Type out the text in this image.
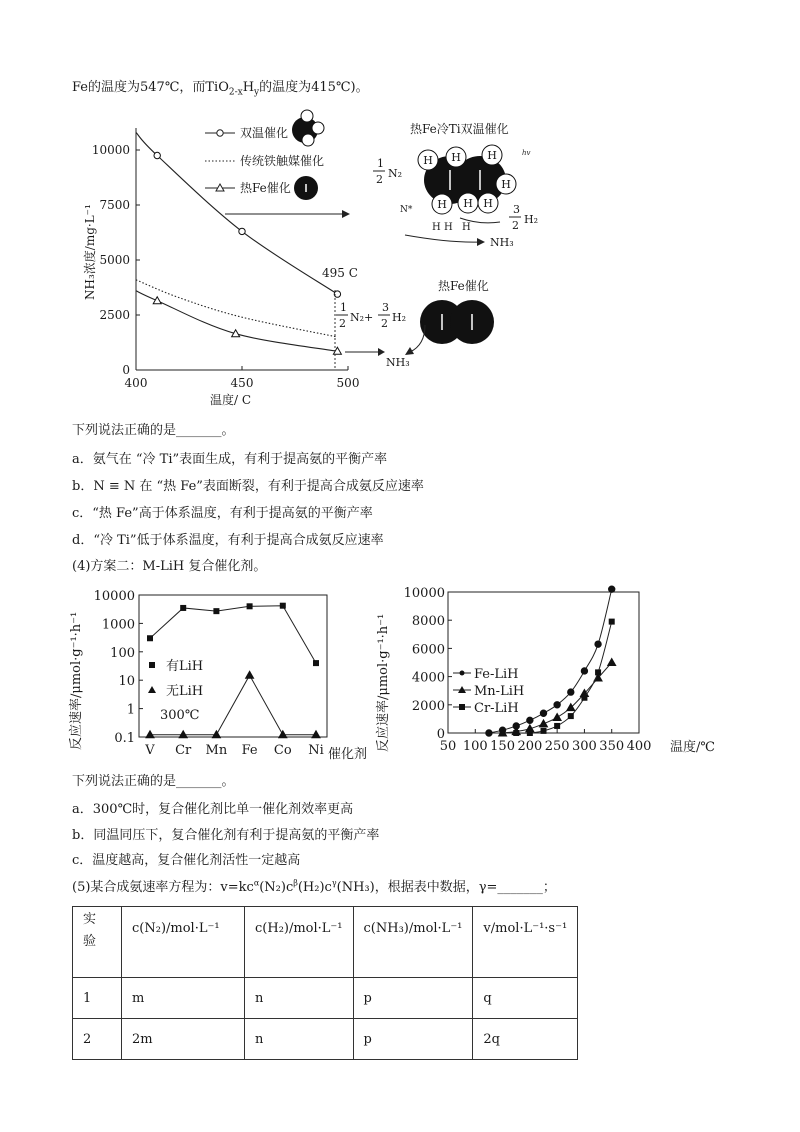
Fe的温度为547℃，而$TiO_{2-x}H_y$的温度为415℃)。
0
2500
5000
7500
10000
400	450	500
NH₃浓度/mg·L⁻¹
温度/ C
495 C
双温催化
传统铁触媒催化
热Fe催化
热Fe冷Ti双温催化
hv
1
2 N₂
H H H
H
H H H
H H H
N*	3
2 H₂
NH₃
热Fe催化
1
2 N₂+
3
2 H₂
NH₃
下列说法正确的是_______。
a．氨气在 “冷 Ti”表面生成，有利于提高氨的平衡产率
b．N ≡ N 在 “热 Fe”表面断裂，有利于提高合成氨反应速率
c．“热 Fe”高于体系温度，有利于提高氨的平衡产率
d．“冷 Ti”低于体系温度，有利于提高合成氨反应速率
(4)方案二：M-LiH 复合催化剂。
10000
1000
100
10
1
0.1
V Cr Mn Fe Co Ni
反应速率/μmol·g⁻¹·h⁻¹
催化剂
有LiH
无LiH
300℃
0
2000
4000
6000
8000
10000
50 100 150 200 250 300 350 400
反应速率/μmol·g⁻¹·h⁻¹	温度/℃
Fe-LiH
Mn-LiH
Cr-LiH
下列说法正确的是_______。
a．300℃时，复合催化剂比单一催化剂效率更高
b．同温同压下，复合催化剂有利于提高氨的平衡产率
c．温度越高，复合催化剂活性一定越高
(5)某合成氨速率方程为：$v=kc^\alpha(N_2)c^\beta(H_2)c^\gamma(NH_3)$，根据表中数据，γ=_______；
实
验	c(N₂)/mol·L⁻¹	c(H₂)/mol·L⁻¹	c(NH₃)/mol·L⁻¹	v/mol·L⁻¹·s⁻¹
1	m	n	p	q
2	2m	n	p	2q
